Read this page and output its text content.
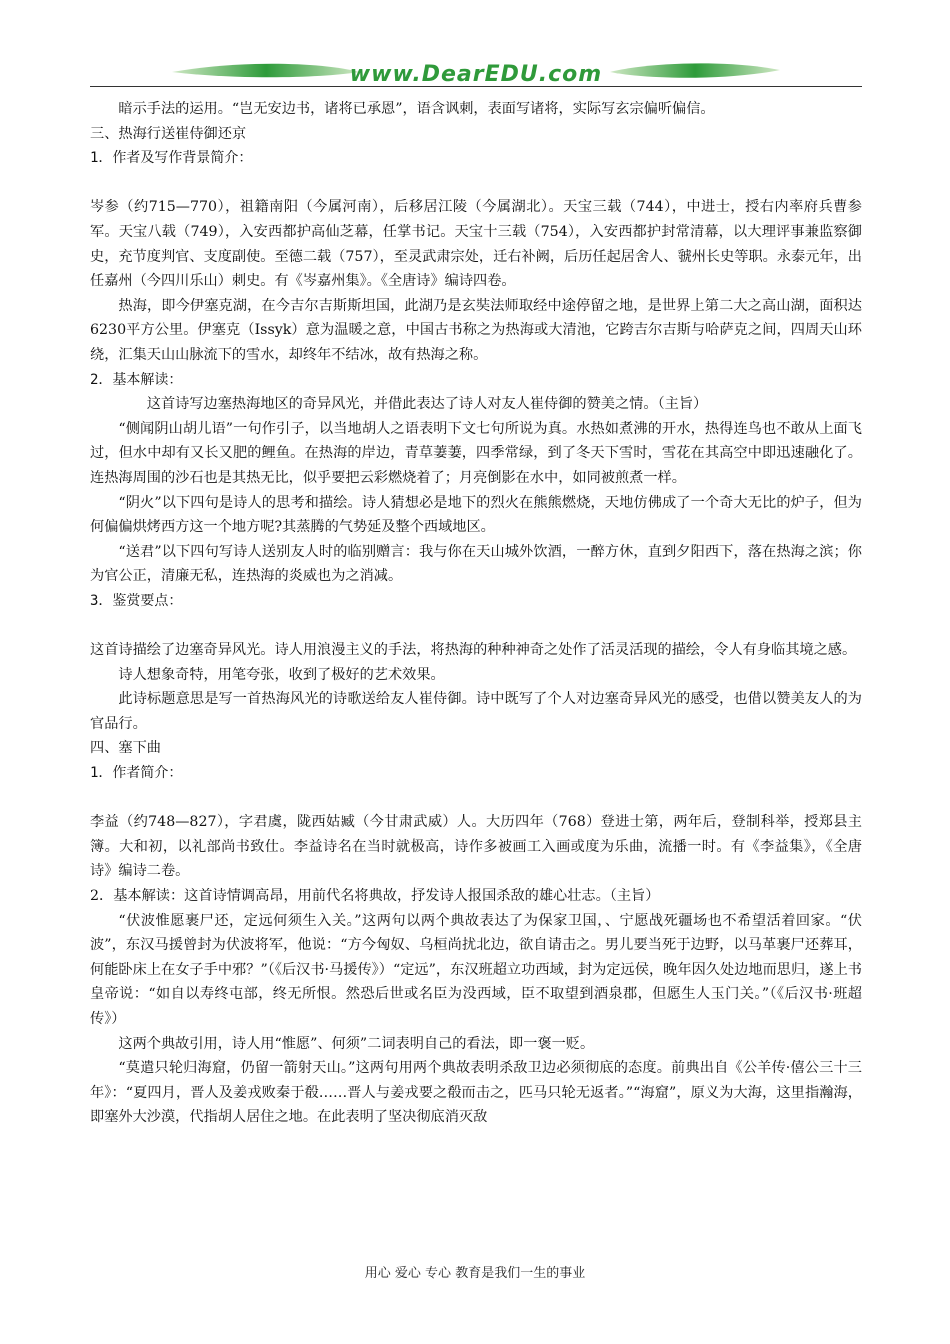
www.DearEDU.com

暗示手法的运用。“岂无安边书，诸将已承恩”，语含讽刺，表面写诸将，实际写玄宗偏听偏信。

三、热海行送崔侍御还京

1．作者及写作背景简介：

岑参（约715—770），祖籍南阳（今属河南），后移居江陵（今属湖北）。天宝三载（744），中进士，授右内率府兵曹参军。天宝八载（749），入安西都护高仙芝幕，任掌书记。天宝十三载（754），入安西都护封常清幕，以大理评事兼监察御史，充节度判官、支度副使。至德二载（757），至灵武肃宗处，迁右补阙，后历任起居舍人、虢州长史等职。永泰元年，出任嘉州（今四川乐山）刺史。有《岑嘉州集》。《全唐诗》编诗四卷。

热海，即今伊塞克湖，在今吉尔吉斯斯坦国，此湖乃是玄奘法师取经中途停留之地，是世界上第二大之高山湖，面积达6230平方公里。伊塞克（Issyk）意为温暖之意，中国古书称之为热海或大清池，它跨吉尔吉斯与哈萨克之间，四周天山环绕，汇集天山山脉流下的雪水，却终年不结冰，故有热海之称。

2．基本解读：

这首诗写边塞热海地区的奇异风光，并借此表达了诗人对友人崔侍御的赞美之情。（主旨）

“侧闻阴山胡儿语”一句作引子，以当地胡人之语表明下文七句所说为真。水热如煮沸的开水，热得连鸟也不敢从上面飞过，但水中却有又长又肥的鲤鱼。在热海的岸边，青草萋萋，四季常绿，到了冬天下雪时，雪花在其高空中即迅速融化了。连热海周围的沙石也是其热无比，似乎要把云彩燃烧着了；月亮倒影在水中，如同被煎煮一样。

“阴火”以下四句是诗人的思考和描绘。诗人猜想必是地下的烈火在熊熊燃烧，天地仿佛成了一个奇大无比的炉子，但为何偏偏烘烤西方这一个地方呢?其蒸腾的气势延及整个西域地区。

“送君”以下四句写诗人送别友人时的临别赠言：我与你在天山城外饮酒，一醉方休，直到夕阳西下，落在热海之滨；你为官公正，清廉无私，连热海的炎威也为之消减。

3．鉴赏要点：

这首诗描绘了边塞奇异风光。诗人用浪漫主义的手法，将热海的种种神奇之处作了活灵活现的描绘，令人有身临其境之感。

诗人想象奇特，用笔夸张，收到了极好的艺术效果。

此诗标题意思是写一首热海风光的诗歌送给友人崔侍御。诗中既写了个人对边塞奇异风光的感受，也借以赞美友人的为官品行。

四、塞下曲

1．作者简介：

李益（约748—827），字君虞，陇西姑臧（今甘肃武威）人。大历四年（768）登进士第，两年后，登制科举，授郑县主簿。大和初，以礼部尚书致仕。李益诗名在当时就极高，诗作多被画工入画或度为乐曲，流播一时。有《李益集》，《全唐诗》编诗二卷。

2．基本解读：这首诗情调高昂，用前代名将典故，抒发诗人报国杀敌的雄心壮志。（主旨）

“伏波惟愿裹尸还，定远何须生入关。”这两句以两个典故表达了为保家卫国，、宁愿战死疆场也不希望活着回家。“伏波”，东汉马援曾封为伏波将军，他说：“方今匈奴、乌桓尚扰北边，欲自请击之。男儿要当死于边野，以马革裹尸还葬耳，何能卧床上在女子手中邪？”（《后汉书·马援传》）“定远”，东汉班超立功西域，封为定远侯，晚年因久处边地而思归，遂上书皇帝说：“如自以寿终屯部，终无所恨。然恐后世或名臣为没西域，臣不取望到酒泉郡，但愿生人玉门关。”（《后汉书·班超传》）

这两个典故引用，诗人用“惟愿”、何须”二词表明自己的看法，即一褒一贬。

“莫遣只轮归海窟，仍留一箭射天山。”这两句用两个典故表明杀敌卫边必须彻底的态度。前典出自《公羊传·僖公三十三年》：“夏四月，晋人及姜戎败秦于殽……晋人与姜戎要之殽而击之，匹马只轮无返者。”“海窟”，原义为大海，这里指瀚海，即塞外大沙漠，代指胡人居住之地。在此表明了坚决彻底消灭敌

用心 爱心 专心 教育是我们一生的事业
